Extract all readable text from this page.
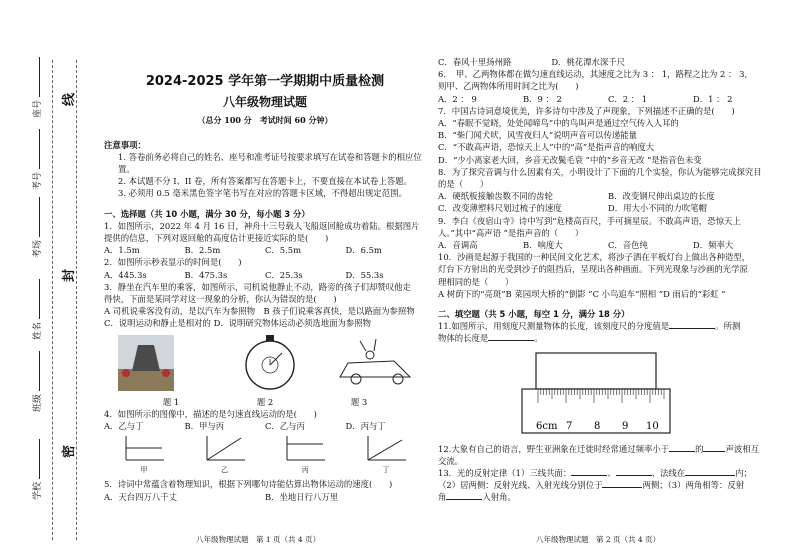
座号
考号
考场
姓名
班级
学校
线
封
密
2024-2025 学年第一学期期中质量检测
八年级物理试题
（总分 100 分　考试时间 60 分钟）
注意事项：
1. 答卷前务必将自己的姓名、座号和准考证号按要求填写在试卷和答题卡的相应位置。
2. 本试题不分 I、II 卷，所有答案都写在答题卡上，不要直接在本试卷上答题。
3. 必须用 0.5 毫米黑色签字笔书写在对应的答题卡区域，不得超出规定范围。
一、选择题（共 10 小题，满分 30 分，每小题 3 分）
1．如图所示，2022 年 4 月 16 日，神舟十三号载人飞船返回舱成功着陆。根据图片提供的信息，下列对返回舱的高度估计更接近实际的是(　　)
A．1.5m	B．2.5m	C．5.5m	D．6.5m
2．如图所示秒表显示的时间是(　　)
A．445.3s	B．475.3s	C．25.3s	D．55.3s
3．静坐在汽车里的乘客，如图所示，司机说他静止不动，路旁的孩子们却赞叹他走
得快，下面是某同学对这一现象的分析，你认为错误的是(　　)
A 司机说乘客没有动，是以汽车为参照物　B 孩子们说乘客真快，是以路面为参照物
C．说明运动和静止是相对的 D．说明研究物体运动必须选地面为参照物
题 1	题 2	题 3
4．如图所示的图像中，描述的是匀速直线运动的是(　　)
A．乙与丁	B．甲与丙	C．乙与丙	D．丙与丁
甲	乙	丙	丁
5．诗词中常蕴含着物理知识，根据下列哪句诗能估算出物体运动的速度(　　)
A．天台四万八千丈	B．坐地日行八万里
C．春风十里扬州路	D．桃花潭水深千尺
6．　甲、乙两物体都在做匀速直线运动，其速度之比为 3 ： 1，路程之比为 2 ： 3，
则甲、乙两物体所用时间之比为(　　)
A．2 ： 9	B．9 ： 2	C．2 ： 1	D．1 ： 2
7．中国古诗词意境优美，许多诗句中涉及了声现象，下列描述不正确的是(　　)
A．“春眠不觉晓，处处闻啼鸟”中的鸟叫声是通过空气传入人耳的
B．“柴门闻犬吠，风雪夜归人”说明声音可以传递能量
C．“不敢高声语，恐惊天上人”中的“高”是指声音的响度大
D．“少小离家老大回，乡音无改鬓毛衰 ”中的“乡音无改 ”是指音色未变
8．为了探究音调与什么因素有关，小明设计了下面的几个实验，你认为能够完成探究目
的是（　　）
A．硬纸板接触齿数不同的齿轮	B．改变钢尺伸出桌边的长度
C．改变薄塑料尺划过梳子的速度	D．用大小不同的力吹笔帽
9．李白《夜宿山寺》诗中写到“危楼高百尺，手可摘星辰。不敢高声语，恐惊天上
人。”其中“高声语 ”是指声音的（　　）
A．音调高	B．响度大	C．音色纯	D．频率大
10．沙画是起源于我国的一种民间文化艺术，将沙子洒在平板灯台上做出各种造型，
灯台下方射出的光受到沙子的阻挡后，呈现出各种画面。下列光现象与沙画的光学原
理相同的是（　　）
A 树荫下的“亮斑”B 菜园坝大桥的“倒影 ”C 小鸟追车“照相 ”D 雨后的“彩虹 ”
二、填空题（共 5 小题，每空 1 分，满分 18 分）
11.如图所示，用刻度尺测量物体的长度，该刻度尺的分度值是	。所测
物体的长度是	。
6cm 7 8 9 10
12.大象有自己的语言，野生亚洲象在迁徙时经常通过频率小于	的	声波相互
交流。
13．光的反射定律（1）三线共面：	、	、法线在	内；
（2）居两侧：反射光线、入射光线分别位于	两侧；（3）两角相等：反射
角	入射角。
八年级物理试题　第 1 页（共 4 页）	八年级物理试题　第 2 页（共 4 页）
